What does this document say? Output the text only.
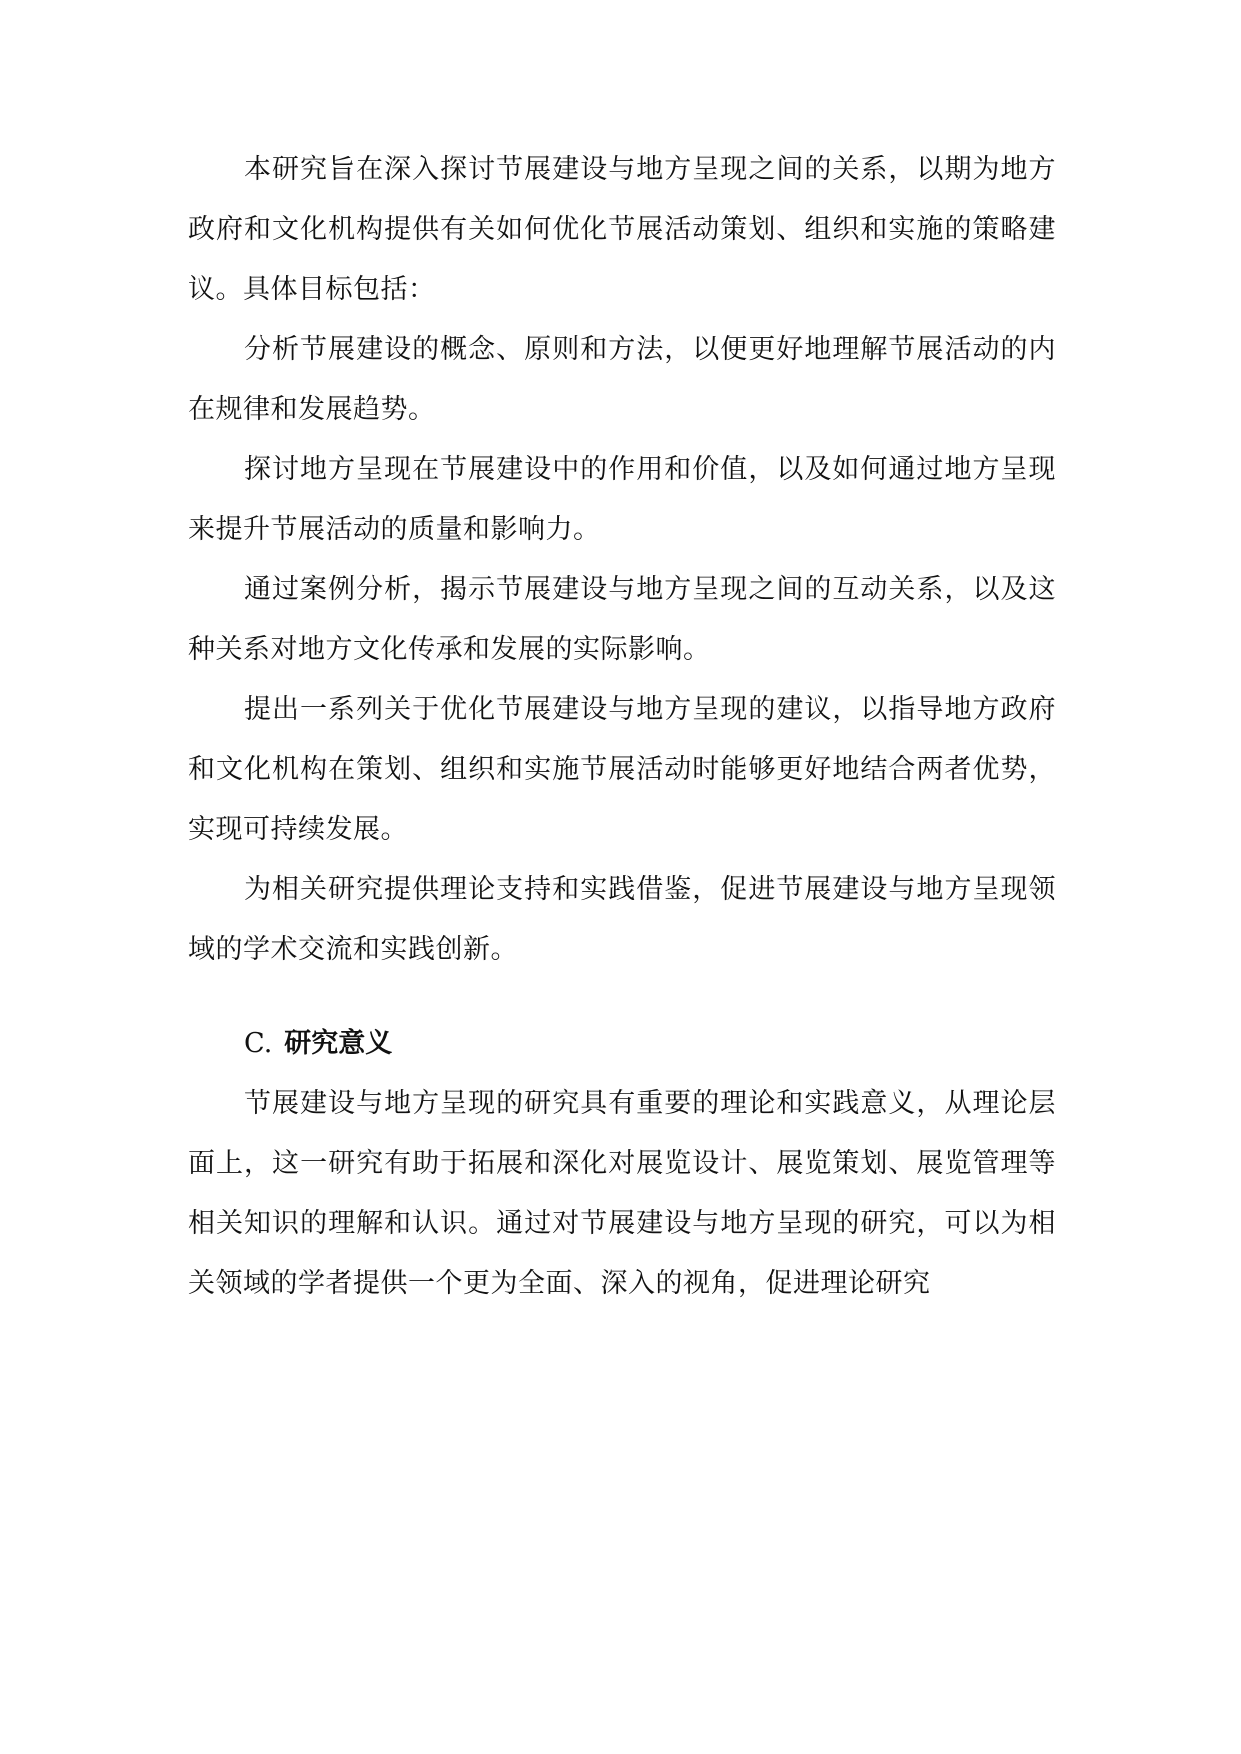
本研究旨在深入探讨节展建设与地方呈现之间的关系，以期为地方政府和文化机构提供有关如何优化节展活动策划、组织和实施的策略建议。具体目标包括：

分析节展建设的概念、原则和方法，以便更好地理解节展活动的内在规律和发展趋势。

探讨地方呈现在节展建设中的作用和价值，以及如何通过地方呈现来提升节展活动的质量和影响力。

通过案例分析，揭示节展建设与地方呈现之间的互动关系，以及这种关系对地方文化传承和发展的实际影响。

提出一系列关于优化节展建设与地方呈现的建议，以指导地方政府和文化机构在策划、组织和实施节展活动时能够更好地结合两者优势，实现可持续发展。

为相关研究提供理论支持和实践借鉴，促进节展建设与地方呈现领域的学术交流和实践创新。

C. 研究意义

节展建设与地方呈现的研究具有重要的理论和实践意义，从理论层面上，这一研究有助于拓展和深化对展览设计、展览策划、展览管理等相关知识的理解和认识。通过对节展建设与地方呈现的研究，可以为相关领域的学者提供一个更为全面、深入的视角，促进理论研究
